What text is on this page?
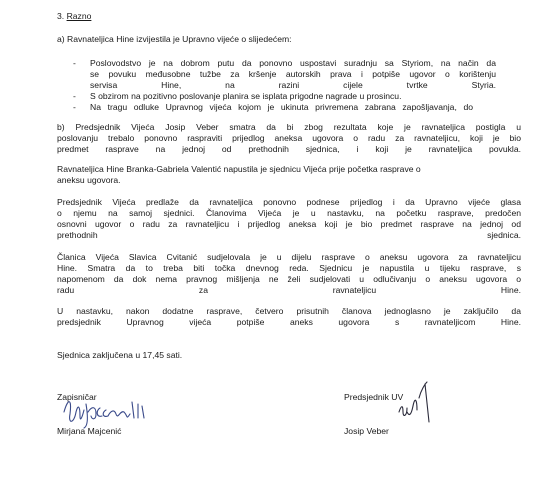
3. Razno
a) Ravnateljica Hine izvijestila je Upravno vijeće o slijedećem:
- Poslovodstvo je na dobrom putu da ponovno uspostavi suradnju sa Styriom, na način da
se povuku međusobne tužbe za kršenje autorskih prava i potpiše ugovor o korištenju
servisa Hine, na razini cijele tvrtke Styria.
- S obzirom na pozitivno poslovanje planira se isplata prigodne nagrade u prosincu.
- Na tragu odluke Upravnog vijeća kojom je ukinuta privremena zabrana zapošljavanja, do
b) Predsjednik Vijeća Josip Veber smatra da bi zbog rezultata koje je ravnateljica postigla u
poslovanju trebalo ponovno raspraviti prijedlog aneksa ugovora o radu za ravnateljicu, koji je bio
predmet rasprave na jednoj od prethodnih sjednica, i koji je ravnateljica povukla.
Ravnateljica Hine Branka-Gabriela Valentić napustila je sjednicu Vijeća prije početka rasprave o
aneksu ugovora.
Predsjednik Vijeća predlaže da ravnateljica ponovno podnese prijedlog i da Upravno vijeće glasa
o njemu na samoj sjednici. Članovima Vijeća je u nastavku, na početku rasprave, predočen
osnovni ugovor o radu za ravnateljicu i prijedlog aneksa koji je bio predmet rasprave na jednoj od
prethodnih sjednica.
Članica Vijeća Slavica Cvitanić sudjelovala je u dijelu rasprave o aneksu ugovora za ravnateljicu
Hine. Smatra da to treba biti točka dnevnog reda. Sjednicu je napustila u tijeku rasprave, s
napomenom da dok nema pravnog mišljenja ne želi sudjelovati u odlučivanju o aneksu ugovora o
radu za ravnateljicu Hine.
U nastavku, nakon dodatne rasprave, četvero prisutnih članova jednoglasno je zaključilo da
predsjednik Upravnog vijeća potpiše aneks ugovora s ravnateljicom Hine.
Sjednica zaključena u 17,45 sati.
Zapisničar
Mirjana Majcenić
Predsjednik UV
Josip Veber
